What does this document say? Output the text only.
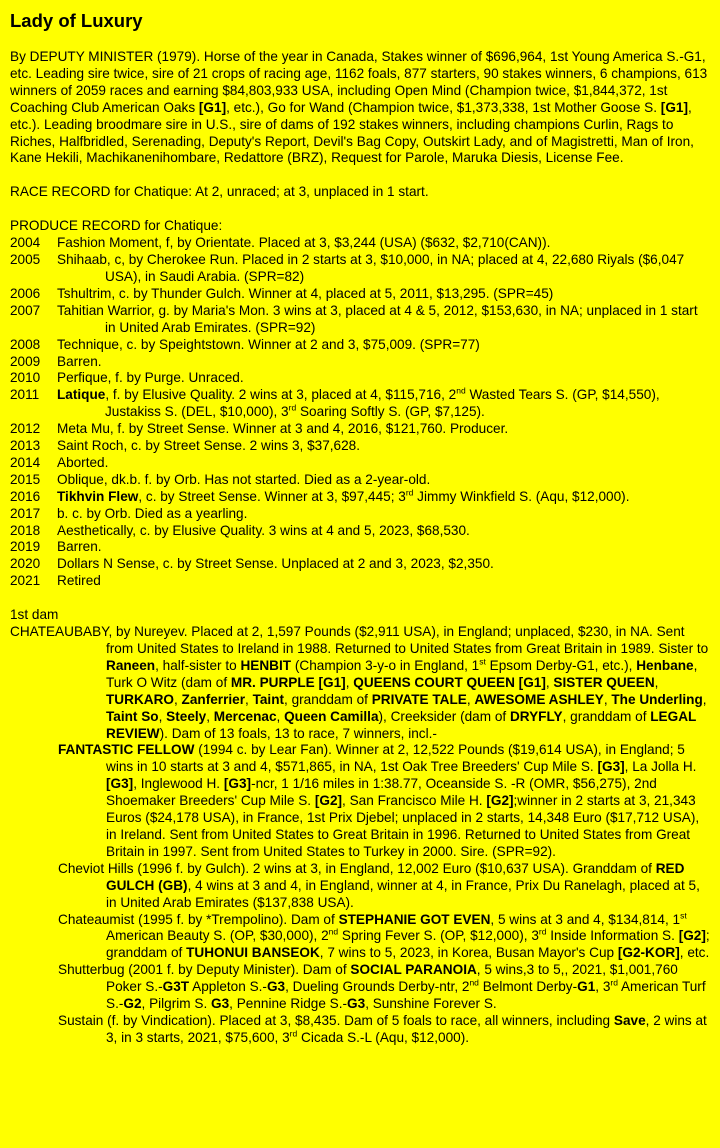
Lady of Luxury

By DEPUTY MINISTER (1979). Horse of the year in Canada, Stakes winner of $696,964, 1st Young America S.-G1, etc. Leading sire twice, sire of 21 crops of racing age, 1162 foals, 877 starters, 90 stakes winners, 6 champions, 613 winners of 2059 races and earning $84,803,933 USA, including Open Mind (Champion twice, $1,844,372, 1st Coaching Club American Oaks [G1], etc.), Go for Wand (Champion twice, $1,373,338, 1st Mother Goose S. [G1], etc.). Leading broodmare sire in U.S., sire of dams of 192 stakes winners, including champions Curlin, Rags to Riches, Halfbridled, Serenading, Deputy's Report, Devil's Bag Copy, Outskirt Lady, and of Magistretti, Man of Iron, Kane Hekili, Machikanenihombare, Redattore (BRZ), Request for Parole, Maruka Diesis, License Fee.

RACE RECORD for Chatique: At 2, unraced; at 3, unplaced in 1 start.

PRODUCE RECORD for Chatique:

2004	Fashion Moment, f, by Orientate. Placed at 3, $3,244 (USA) ($632, $2,710(CAN)).
2005	Shihaab, c, by Cherokee Run. Placed in 2 starts at 3, $10,000, in NA; placed at 4, 22,680 Riyals ($6,047 USA), in Saudi Arabia. (SPR=82)
2006	Tshultrim, c. by Thunder Gulch. Winner at 4, placed at 5, 2011, $13,295. (SPR=45)
2007	Tahitian Warrior, g. by Maria's Mon. 3 wins at 3, placed at 4 & 5, 2012, $153,630, in NA; unplaced in 1 start in United Arab Emirates. (SPR=92)
2008	Technique, c. by Speightstown. Winner at 2 and 3, $75,009. (SPR=77)
2009	Barren.
2010	Perfique, f. by Purge. Unraced.
2011	Latique, f. by Elusive Quality. 2 wins at 3, placed at 4, $115,716, 2nd Wasted Tears S. (GP, $14,550), Justakiss S. (DEL, $10,000), 3rd Soaring Softly S. (GP, $7,125).
2012	Meta Mu, f. by Street Sense. Winner at 3 and 4, 2016, $121,760. Producer.
2013	Saint Roch, c. by Street Sense. 2 wins 3, $37,628.
2014	Aborted.
2015	Oblique, dk.b. f. by Orb. Has not started. Died as a 2-year-old.
2016	Tikhvin Flew, c. by Street Sense. Winner at 3, $97,445; 3rd Jimmy Winkfield S. (Aqu, $12,000).
2017	b. c. by Orb. Died as a yearling.
2018	Aesthetically, c. by Elusive Quality. 3 wins at 4 and 5, 2023, $68,530.
2019	Barren.
2020	Dollars N Sense, c. by Street Sense. Unplaced at 2 and 3, 2023, $2,350.
2021	Retired

1st dam

CHATEAUBABY, by Nureyev. Placed at 2, 1,597 Pounds ($2,911 USA), in England; unplaced, $230, in NA. Sent from United States to Ireland in 1988. Returned to United States from Great Britain in 1989. Sister to Raneen, half-sister to HENBIT (Champion 3-y-o in England, 1st Epsom Derby-G1, etc.), Henbane, Turk O Witz (dam of MR. PURPLE [G1], QUEENS COURT QUEEN [G1], SISTER QUEEN, TURKARO, Zanferrier, Taint, granddam of PRIVATE TALE, AWESOME ASHLEY, The Underling, Taint So, Steely, Mercenac, Queen Camilla), Creeksider (dam of DRYFLY, granddam of LEGAL REVIEW). Dam of 13 foals, 13 to race, 7 winners, incl.-

FANTASTIC FELLOW (1994 c. by Lear Fan). Winner at 2, 12,522 Pounds ($19,614 USA), in England; 5 wins in 10 starts at 3 and 4, $571,865, in NA, 1st Oak Tree Breeders' Cup Mile S. [G3], La Jolla H. [G3], Inglewood H. [G3]-ncr, 1 1/16 miles in 1:38.77, Oceanside S. -R (OMR, $56,275), 2nd Shoemaker Breeders' Cup Mile S. [G2], San Francisco Mile H. [G2];winner in 2 starts at 3, 21,343 Euros ($24,178 USA), in France, 1st Prix Djebel; unplaced in 2 starts, 14,348 Euro ($17,712 USA), in Ireland. Sent from United States to Great Britain in 1996. Returned to United States from Great Britain in 1997. Sent from United States to Turkey in 2000. Sire. (SPR=92).

Cheviot Hills (1996 f. by Gulch). 2 wins at 3, in England, 12,002 Euro ($10,637 USA). Granddam of RED GULCH (GB), 4 wins at 3 and 4, in England, winner at 4, in France, Prix Du Ranelagh, placed at 5, in United Arab Emirates ($137,838 USA).

Chateaumist (1995 f. by *Trempolino). Dam of STEPHANIE GOT EVEN, 5 wins at 3 and 4, $134,814, 1st American Beauty S. (OP, $30,000), 2nd Spring Fever S. (OP, $12,000), 3rd Inside Information S. [G2]; granddam of TUHONUI BANSEOK, 7 wins to 5, 2023, in Korea, Busan Mayor's Cup [G2-KOR], etc.

Shutterbug (2001 f. by Deputy Minister). Dam of SOCIAL PARANOIA, 5 wins,3 to 5,, 2021, $1,001,760 Poker S.-G3T Appleton S.-G3, Dueling Grounds Derby-ntr, 2nd Belmont Derby-G1, 3rd American Turf S.-G2, Pilgrim S. G3, Pennine Ridge S.-G3, Sunshine Forever S.

Sustain (f. by Vindication). Placed at 3, $8,435. Dam of 5 foals to race, all winners, including Save, 2 wins at 3, in 3 starts, 2021, $75,600, 3rd Cicada S.-L (Aqu, $12,000).
